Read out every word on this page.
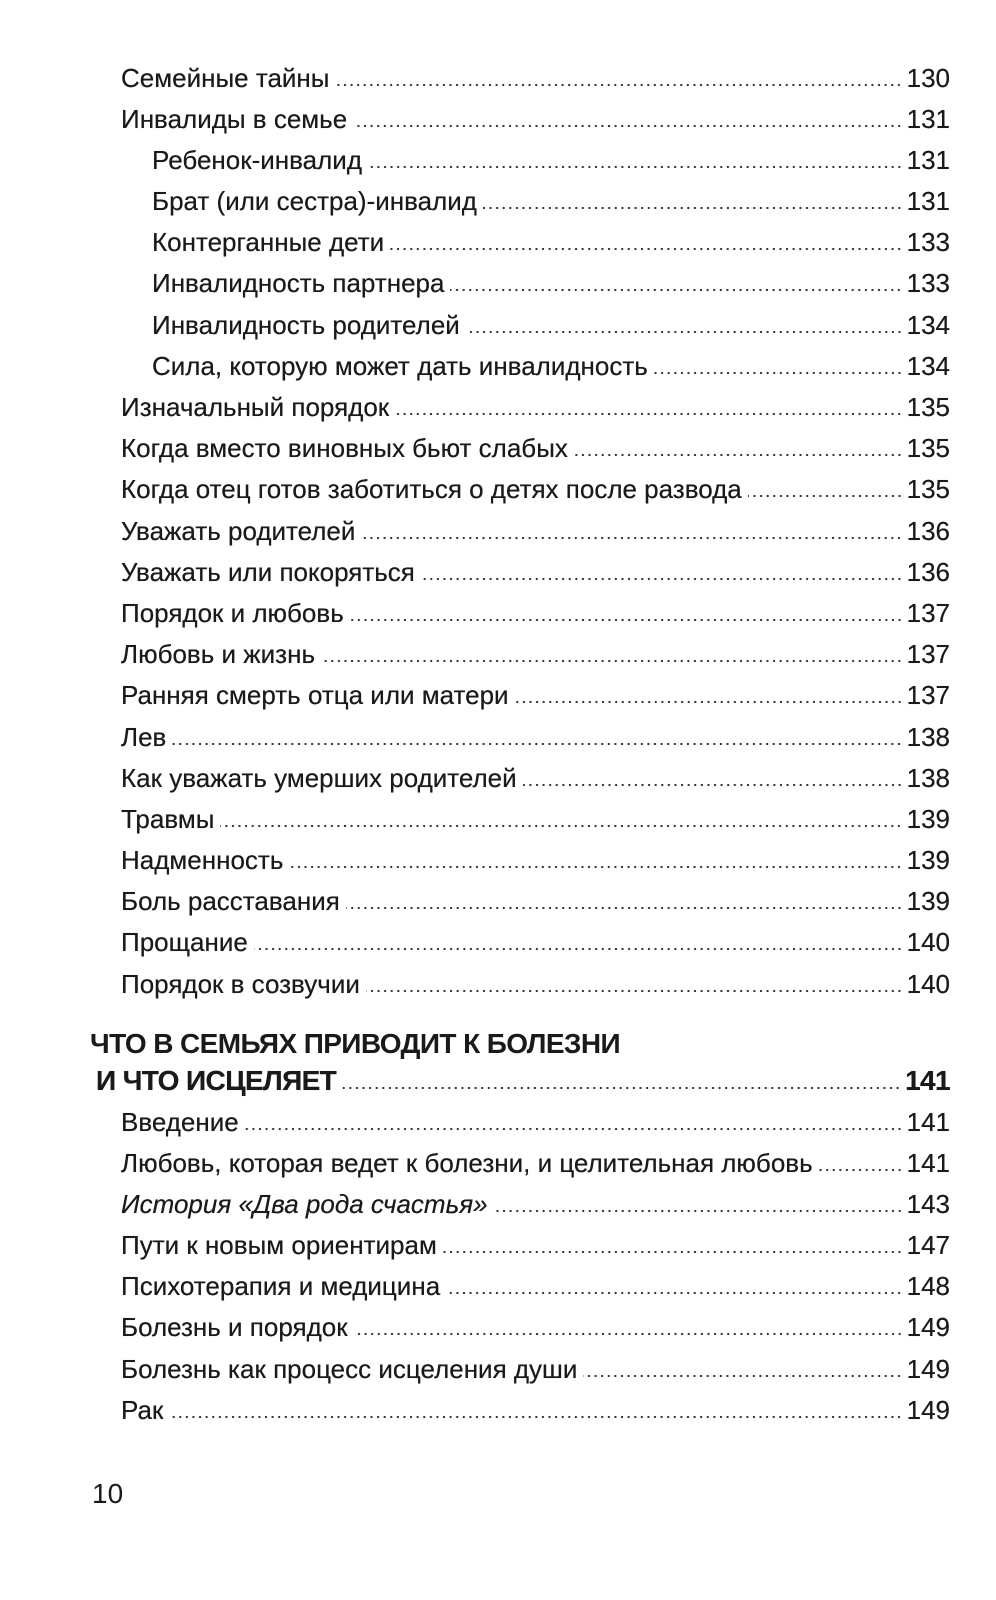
Семейные тайны	130
Инвалиды в семье	131
Ребенок-инвалид	131
Брат (или сестра)-инвалид	131
Контерганные дети	133
Инвалидность партнера	133
Инвалидность родителей	134
Сила, которую может дать инвалидность	134
Изначальный порядок	135
Когда вместо виновных бьют слабых	135
Когда отец готов заботиться о детях после развода	135
Уважать родителей	136
Уважать или покоряться	136
Порядок и любовь	137
Любовь и жизнь	137
Ранняя смерть отца или матери	137
Лев	138
Как уважать умерших родителей	138
Травмы	139
Надменность	139
Боль расставания	139
Прощание	140
Порядок в созвучии	140
ЧТО В СЕМЬЯХ ПРИВОДИТ К БОЛЕЗНИ
И ЧТО ИСЦЕЛЯЕТ	141
Введение	141
Любовь, которая ведет к болезни, и целительная любовь	141
История «Два рода счастья»	143
Пути к новым ориентирам	147
Психотерапия и медицина	148
Болезнь и порядок	149
Болезнь как процесс исцеления души	149
Рак	149
10
